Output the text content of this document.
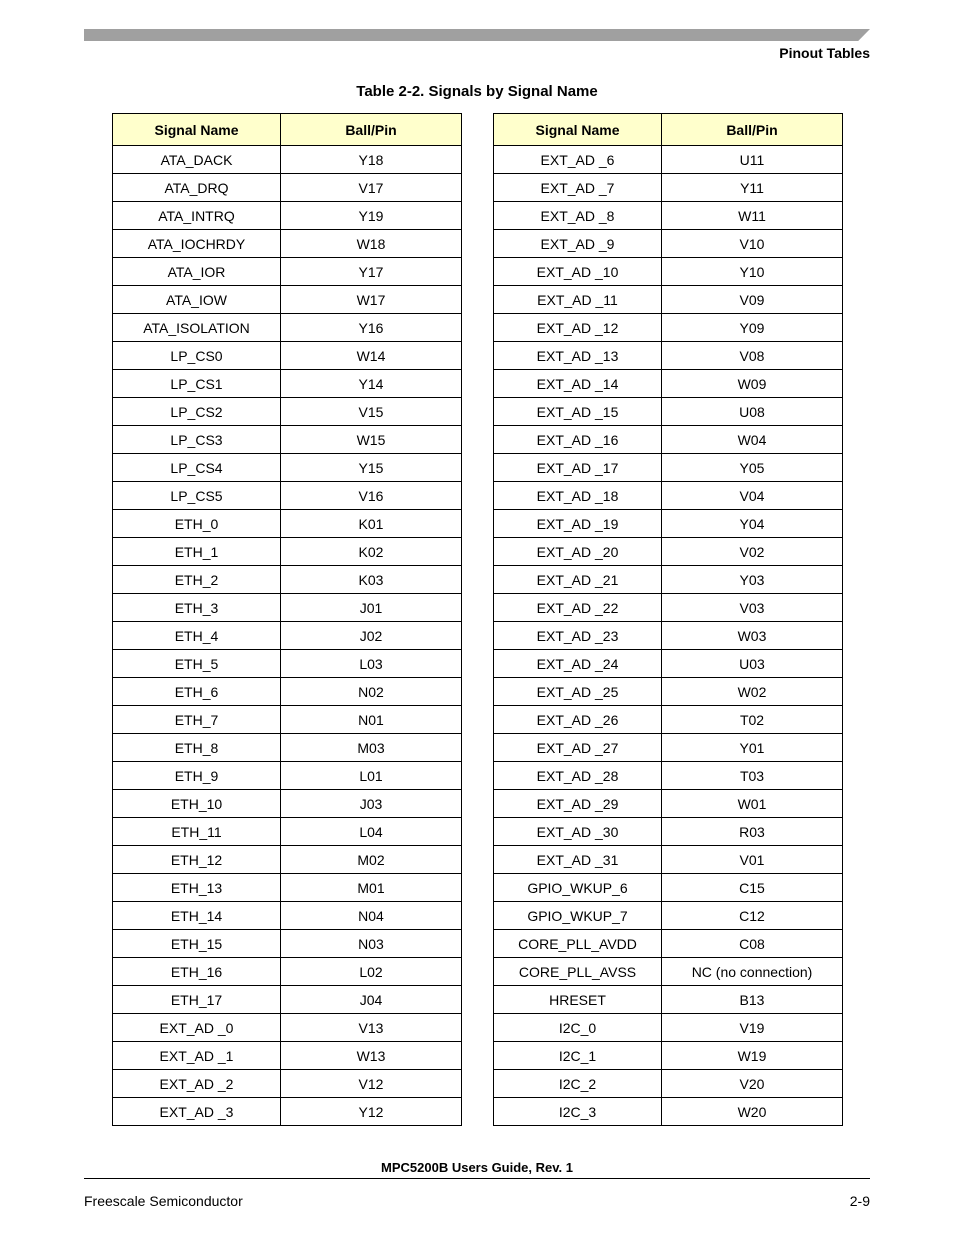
Pinout Tables
Table 2-2. Signals by Signal Name
Signal Name	Ball/Pin
ATA_DACK	Y18
ATA_DRQ	V17
ATA_INTRQ	Y19
ATA_IOCHRDY	W18
ATA_IOR	Y17
ATA_IOW	W17
ATA_ISOLATION	Y16
LP_CS0	W14
LP_CS1	Y14
LP_CS2	V15
LP_CS3	W15
LP_CS4	Y15
LP_CS5	V16
ETH_0	K01
ETH_1	K02
ETH_2	K03
ETH_3	J01
ETH_4	J02
ETH_5	L03
ETH_6	N02
ETH_7	N01
ETH_8	M03
ETH_9	L01
ETH_10	J03
ETH_11	L04
ETH_12	M02
ETH_13	M01
ETH_14	N04
ETH_15	N03
ETH_16	L02
ETH_17	J04
EXT_AD _0	V13
EXT_AD _1	W13
EXT_AD _2	V12
EXT_AD _3	Y12
Signal Name	Ball/Pin
EXT_AD _6	U11
EXT_AD _7	Y11
EXT_AD _8	W11
EXT_AD _9	V10
EXT_AD _10	Y10
EXT_AD _11	V09
EXT_AD _12	Y09
EXT_AD _13	V08
EXT_AD _14	W09
EXT_AD _15	U08
EXT_AD _16	W04
EXT_AD _17	Y05
EXT_AD _18	V04
EXT_AD _19	Y04
EXT_AD _20	V02
EXT_AD _21	Y03
EXT_AD _22	V03
EXT_AD _23	W03
EXT_AD _24	U03
EXT_AD _25	W02
EXT_AD _26	T02
EXT_AD _27	Y01
EXT_AD _28	T03
EXT_AD _29	W01
EXT_AD _30	R03
EXT_AD _31	V01
GPIO_WKUP_6	C15
GPIO_WKUP_7	C12
CORE_PLL_AVDD	C08
CORE_PLL_AVSS	NC (no connection)
HRESET	B13
I2C_0	V19
I2C_1	W19
I2C_2	V20
I2C_3	W20
MPC5200B Users Guide, Rev. 1
Freescale Semiconductor	2-9
